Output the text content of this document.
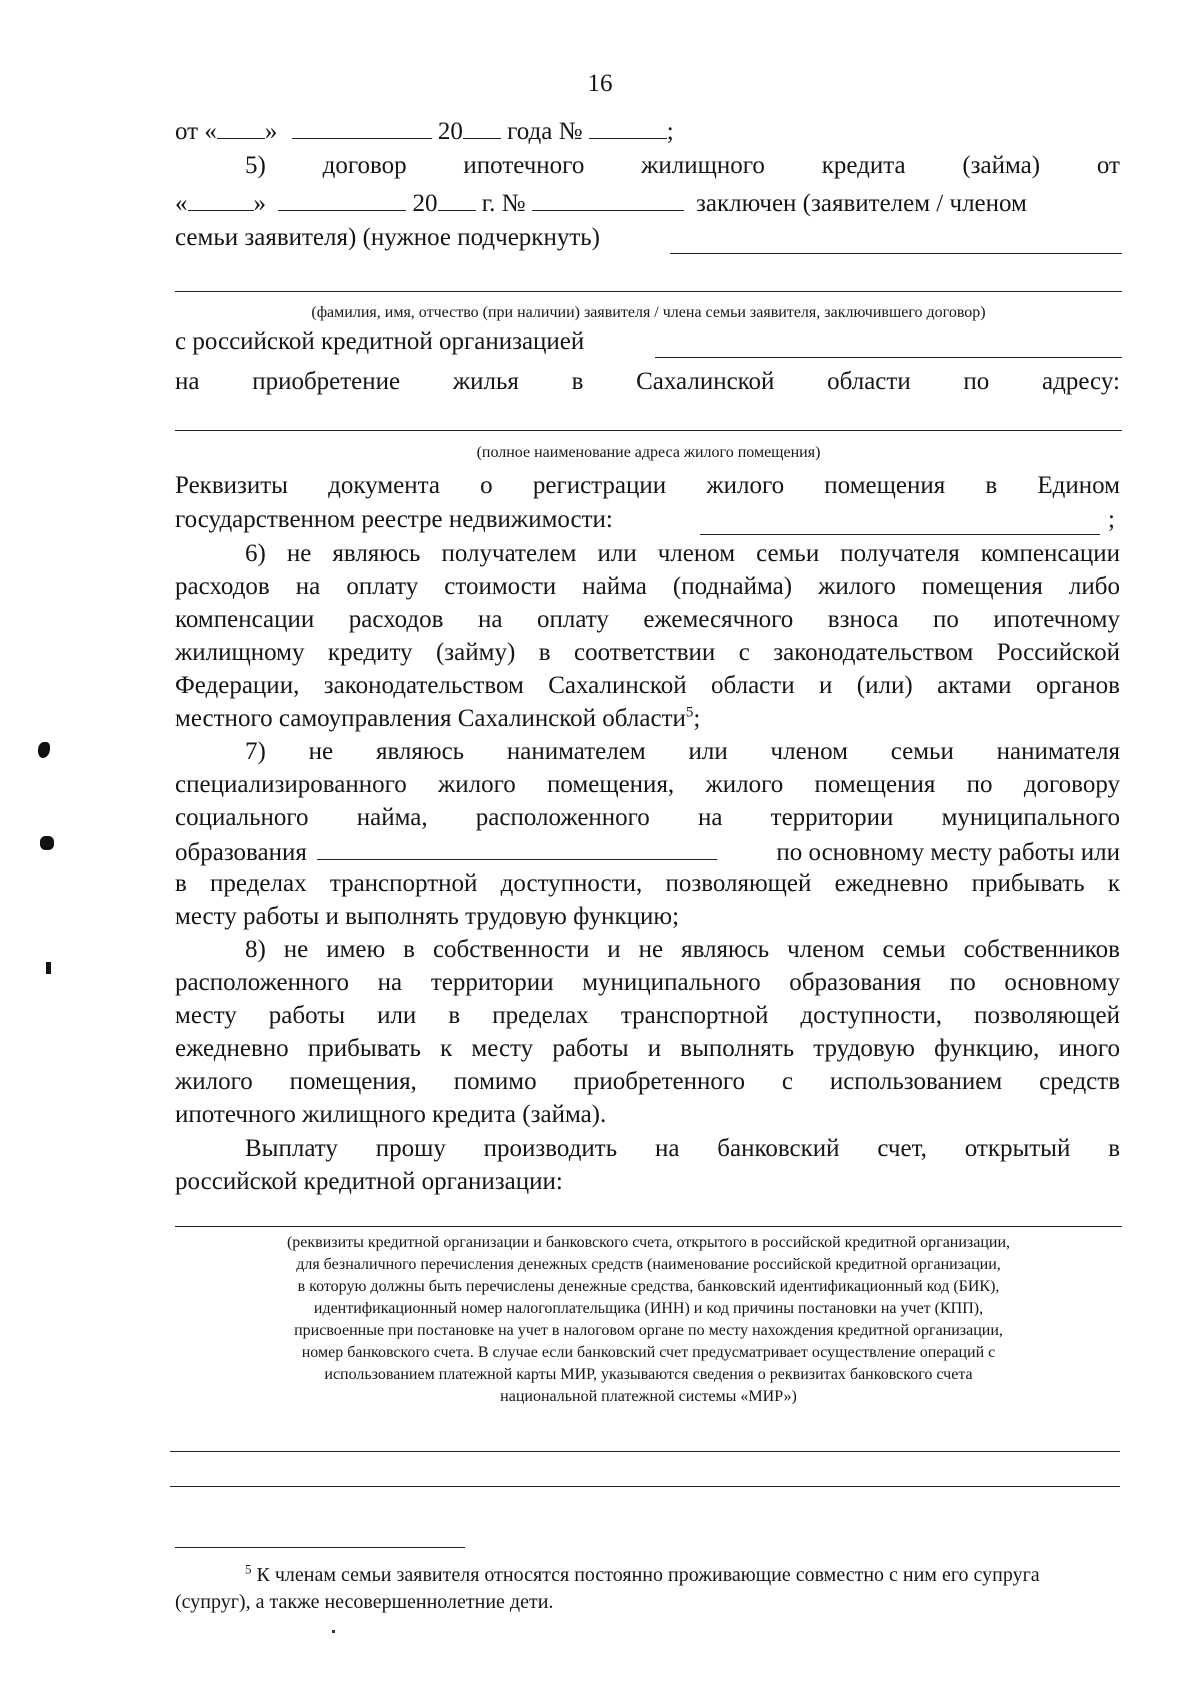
16
от « »	20 года №	;
5) договор ипотечного жилищного кредита (займа) от
«	»	20 г. №	заключен (заявителем / членом
семьи заявителя) (нужное подчеркнуть)
(фамилия, имя, отчество (при наличии) заявителя / члена семьи заявителя, заключившего договор)
с российской кредитной организацией
на приобретение жилья в Сахалинской области по адресу:
(полное наименование адреса жилого помещения)
Реквизиты документа о регистрации жилого помещения в Едином
государственном реестре недвижимости:	;
6) не являюсь получателем или членом семьи получателя компенсации
расходов на оплату стоимости найма (поднайма) жилого помещения либо
компенсации расходов на оплату ежемесячного взноса по ипотечному
жилищному кредиту (займу) в соответствии с законодательством Российской
Федерации, законодательством Сахалинской области и (или) актами органов
местного самоуправления Сахалинской области$^5$;
7) не являюсь нанимателем или членом семьи нанимателя
специализированного жилого помещения, жилого помещения по договору
социального найма, расположенного на территории муниципального
образования	по основному месту работы или
в пределах транспортной доступности, позволяющей ежедневно прибывать к
месту работы и выполнять трудовую функцию;
8) не имею в собственности и не являюсь членом семьи собственников
расположенного на территории муниципального образования по основному
месту работы или в пределах транспортной доступности, позволяющей
ежедневно прибывать к месту работы и выполнять трудовую функцию, иного
жилого помещения, помимо приобретенного с использованием средств
ипотечного жилищного кредита (займа).
Выплату прошу производить на банковский счет, открытый в
российской кредитной организации:
(реквизиты кредитной организации и банковского счета, открытого в российской кредитной организации,
для безналичного перечисления денежных средств (наименование российской кредитной организации,
в которую должны быть перечислены денежные средства, банковский идентификационный код (БИК),
идентификационный номер налогоплательщика (ИНН) и код причины постановки на учет (КПП),
присвоенные при постановке на учет в налоговом органе по месту нахождения кредитной организации,
номер банковского счета. В случае если банковский счет предусматривает осуществление операций с
использованием платежной карты МИР, указываются сведения о реквизитах банковского счета
национальной платежной системы «МИР»)
$^5$ К членам семьи заявителя относятся постоянно проживающие совместно с ним его супруга
(супруг), а также несовершеннолетние дети.
